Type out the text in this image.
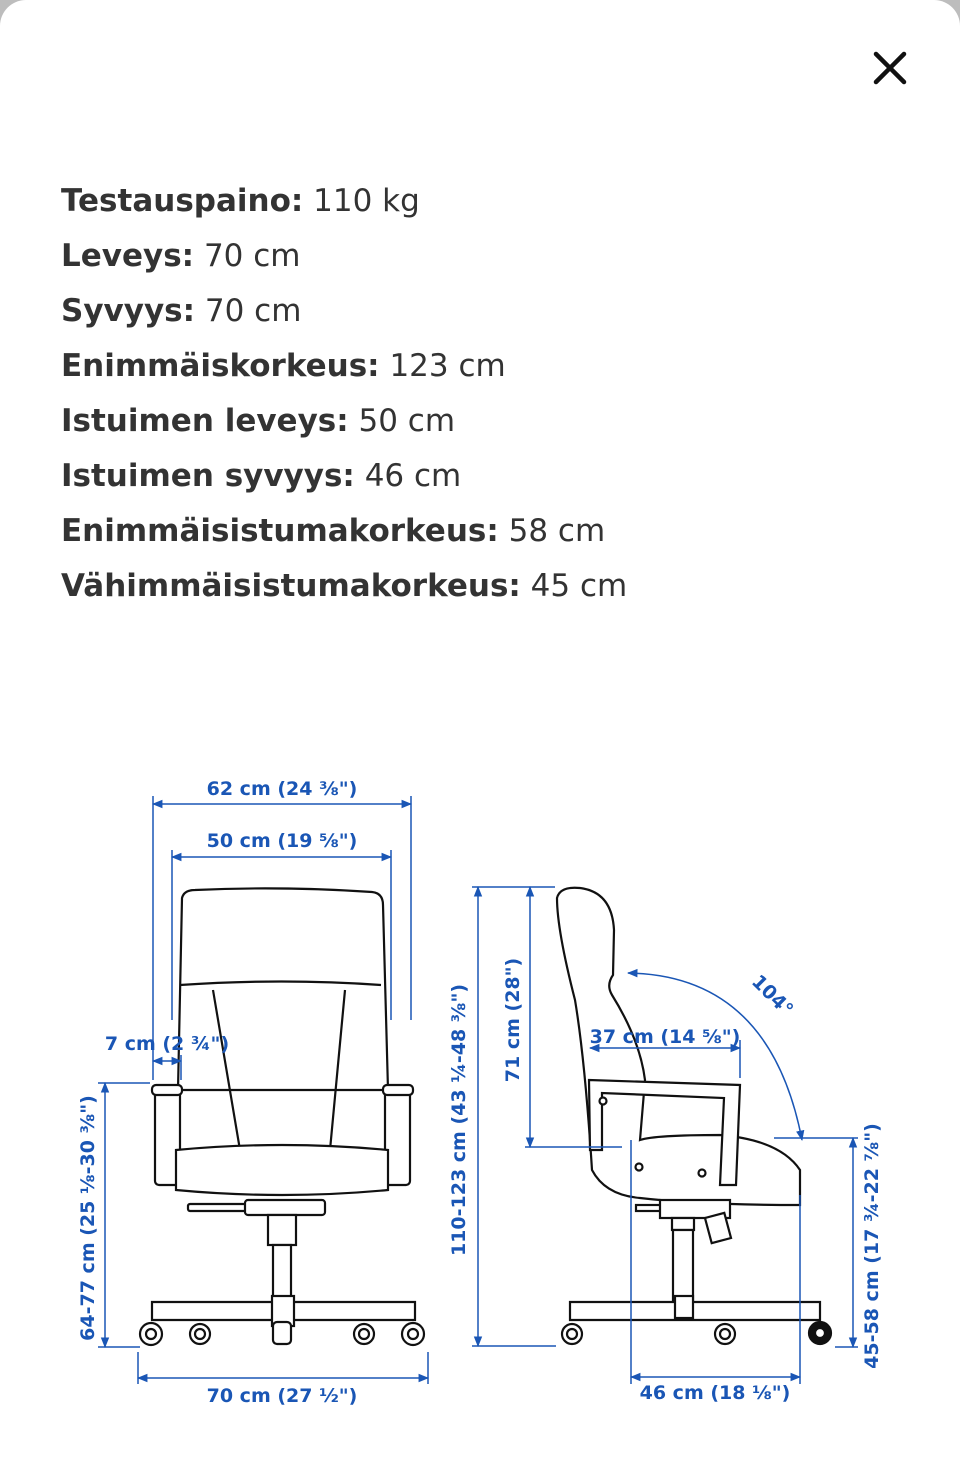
Testauspaino: 110 kg
Leveys: 70 cm
Syvyys: 70 cm
Enimmäiskorkeus: 123 cm
Istuimen leveys: 50 cm
Istuimen syvyys: 46 cm
Enimmäisistumakorkeus: 58 cm
Vähimmäisistumakorkeus: 45 cm
62 cm (24 ⅜")
50 cm (19 ⅝")
7 cm (2 ¾")
64-77 cm (25 ⅛-30 ⅜")
70 cm (27 ½")
110-123 cm (43 ¼-48 ⅜") 71 cm (28")	37 cm (14 ⅝")
104°
46 cm (18 ⅛")
45-58 cm (17 ¾-22 ⅞")
